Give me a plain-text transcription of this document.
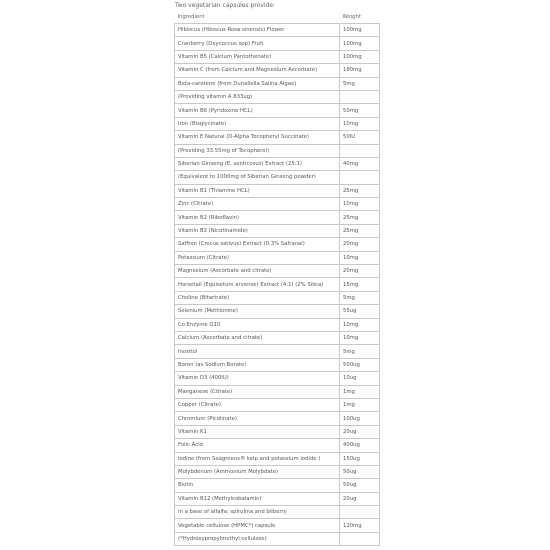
Two vegetarian capsules provide:
Ingredient	Weight
Hibiscus (Hibiscus Rosa sinensis) Flower	100mg
Cranberry (Oxycoccus spp) Fruit	100mg
Vitamin B5 (Calcium Pantothenate)	100mg
Vitamin C (from Calcium and Magnesium Ascorbate)	180mg
Beta-carotene (from Dunaliella Salina Algae)	5mg
(Providing vitamin A 833ug)	
Vitamin B6 (Pyridoxine HCL)	50mg
Iron (Bisglycinate)	10mg
Vitamin E Natural (D-Alpha Tocopheryl Succinate)	50IU
(Providing 33.55mg of Tocopherol)	
Siberian Ginseng (E. senticosus) Extract (25:1)	40mg
(Equivalent to 1000mg of Siberian Ginseng powder)	
Vitamin B1 (Thiamine HCL)	25mg
Zinc (Citrate)	10mg
Vitamin B2 (Riboflavin)	25mg
Vitamin B3 (Nicotinamide)	25mg
Saffron (Crocus sativus) Extract (0.3% Safranal)	20mg
Potassium (Citrate)	10mg
Magnesium (Ascorbate and citrate)	20mg
Horsetail (Equisetum arvense) Extract (4:1) (2% Silica)	15mg
Choline (Bitartrate)	5mg
Selenium (Methionine)	55ug
Co Enzyme Q10	10mg
Calcium (Ascorbate and citrate)	10mg
Inositol	5mg
Boron (as Sodium Borate)	500ug
Vitamin D3 (400IU)	10ug
Manganese (Citrate)	1mg
Copper (Citrate)	1mg
Chromium (Picolinate)	100ug
Vitamin K1	20ug
Folic Acid	400ug
Iodine (from Seagreens® kelp and potassium iodide )	150ug
Molybdenum (Ammonium Molybdate)	50ug
Biotin	50ug
Vitamin B12 (Methylcobalamin)	20ug
In a base of alfalfa, spirulina and bilberry	
Vegetable cellulose (HPMC*) capsule	120mg
(*Hydroxypropylmethyl cellulose)	
